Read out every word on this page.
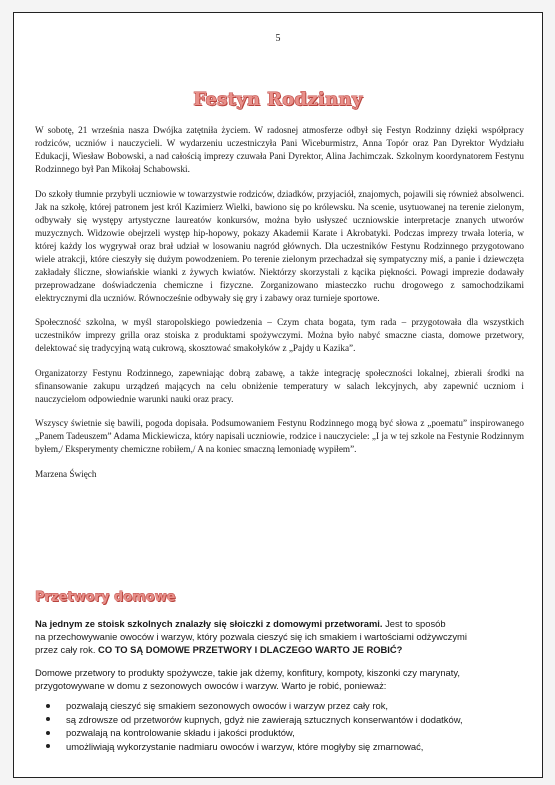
5
Festyn Rodzinny

W sobotę, 21 września nasza Dwójka zatętniła życiem. W radosnej atmosferze odbył się Festyn Rodzinny dzięki współpracy rodziców, uczniów i nauczycieli. W wydarzeniu uczestniczyła Pani Wiceburmistrz, Anna Topór oraz Pan Dyrektor Wydziału Edukacji, Wiesław Bobowski, a nad całością imprezy czuwała Pani Dyrektor, Alina Jachimczak. Szkolnym koordynatorem Festynu Rodzinnego był Pan Mikołaj Schabowski.

Do szkoły tłumnie przybyli uczniowie w towarzystwie rodziców, dziadków, przyjaciół, znajomych, pojawili się również absolwenci. Jak na szkołę, której patronem jest król Kazimierz Wielki, bawiono się po królewsku. Na scenie, usytuowanej na terenie zielonym, odbywały się występy artystyczne laureatów konkursów, można było usłyszeć uczniowskie interpretacje znanych utworów muzycznych. Widzowie obejrzeli występ hip-hopowy, pokazy Akademii Karate i Akrobatyki. Podczas imprezy trwała loteria, w której każdy los wygrywał oraz brał udział w losowaniu nagród głównych. Dla uczestników Festynu Rodzinnego przygotowano wiele atrakcji, które cieszyły się dużym powodzeniem. Po terenie zielonym przechadzał się sympatyczny miś, a panie i dziewczęta zakładały śliczne, słowiańskie wianki z żywych kwiatów. Niektórzy skorzystali z kącika piękności. Powagi imprezie dodawały przeprowadzane doświadczenia chemiczne i fizyczne. Zorganizowano miasteczko ruchu drogowego z samochodzikami elektrycznymi dla uczniów. Równocześnie odbywały się gry i zabawy oraz turnieje sportowe.

Społeczność szkolna, w myśl staropolskiego powiedzenia – Czym chata bogata, tym rada – przygotowała dla wszystkich uczestników imprezy grilla oraz stoiska z produktami spożywczymi. Można było nabyć smaczne ciasta, domowe przetwory, delektować się tradycyjną watą cukrową, skosztować smakołyków z „Pajdy u Kazika”.

Organizatorzy Festynu Rodzinnego, zapewniając dobrą zabawę, a także integrację społeczności lokalnej, zbierali środki na sfinansowanie zakupu urządzeń mających na celu obniżenie temperatury w salach lekcyjnych, aby zapewnić uczniom i nauczycielom odpowiednie warunki nauki oraz pracy.

Wszyscy świetnie się bawili, pogoda dopisała. Podsumowaniem Festynu Rodzinnego mogą być słowa z „poematu” inspirowanego „Panem Tadeuszem” Adama Mickiewicza, który napisali uczniowie, rodzice i nauczyciele: „I ja w tej szkole na Festynie Rodzinnym byłem,/ Eksperymenty chemiczne robiłem,/ A na koniec smaczną lemoniadę wypiłem”.

Marzena Święch

Przetwory domowe
Na jednym ze stoisk szkolnych znalazły się słoiczki z domowymi przetworami. Jest to sposób
na przechowywanie owoców i warzyw, który pozwala cieszyć się ich smakiem i wartościami odżywczymi
przez cały rok. CO TO SĄ DOMOWE PRZETWORY I DLACZEGO WARTO JE ROBIĆ?
Domowe przetwory to produkty spożywcze, takie jak dżemy, konfitury, kompoty, kiszonki czy marynaty,
przygotowywane w domu z sezonowych owoców i warzyw. Warto je robić, ponieważ:
pozwalają cieszyć się smakiem sezonowych owoców i warzyw przez cały rok,
są zdrowsze od przetworów kupnych, gdyż nie zawierają sztucznych konserwantów i dodatków,
pozwalają na kontrolowanie składu i jakości produktów,
umożliwiają wykorzystanie nadmiaru owoców i warzyw, które mogłyby się zmarnować,
